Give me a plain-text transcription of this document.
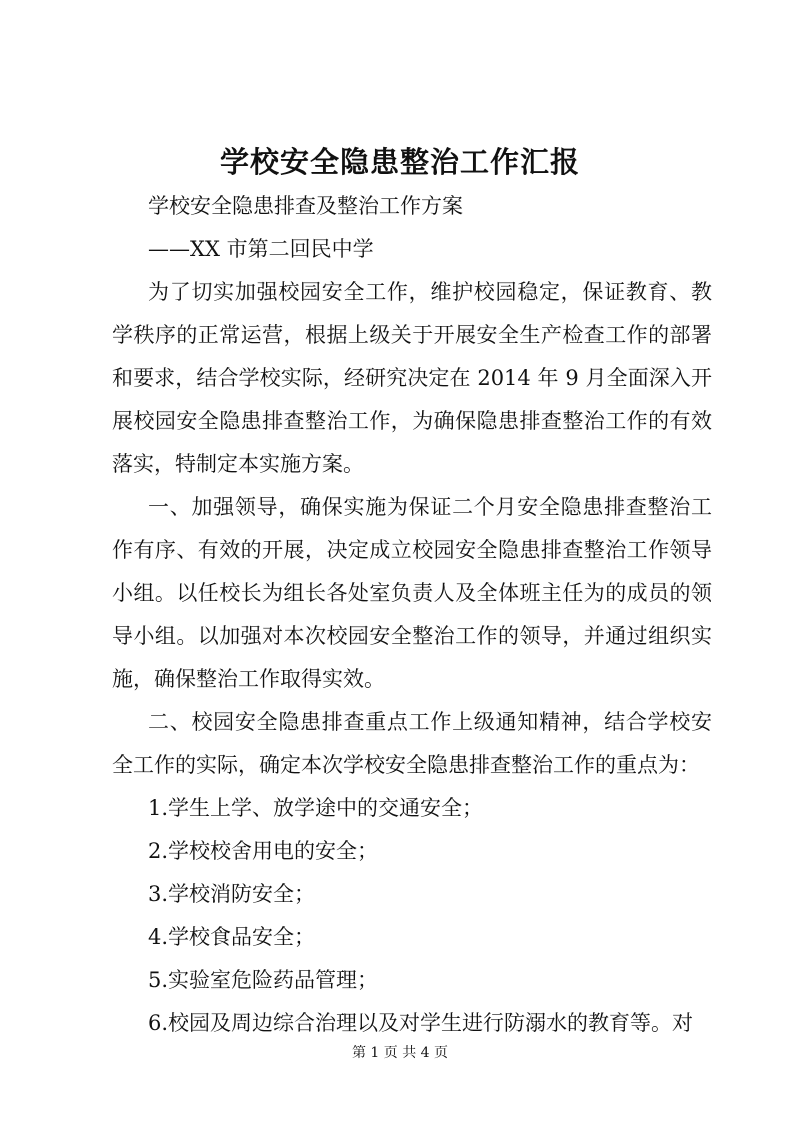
学校安全隐患整治工作汇报

学校安全隐患排查及整治工作方案

——XX 市第二回民中学

为了切实加强校园安全工作，维护校园稳定，保证教育、教学秩序的正常运营，根据上级关于开展安全生产检查工作的部署和要求，结合学校实际，经研究决定在 2014 年 9 月全面深入开展校园安全隐患排查整治工作，为确保隐患排查整治工作的有效落实，特制定本实施方案。

一、加强领导，确保实施为保证二个月安全隐患排查整治工作有序、有效的开展，决定成立校园安全隐患排查整治工作领导小组。以任校长为组长各处室负责人及全体班主任为的成员的领导小组。以加强对本次校园安全整治工作的领导，并通过组织实施，确保整治工作取得实效。

二、校园安全隐患排查重点工作上级通知精神，结合学校安全工作的实际，确定本次学校安全隐患排查整治工作的重点为：

1.学生上学、放学途中的交通安全；

2.学校校舍用电的安全；

3.学校消防安全；

4.学校食品安全；

5.实验室危险药品管理；

6.校园及周边综合治理以及对学生进行防溺水的教育等。对

第 1 页 共 4 页
